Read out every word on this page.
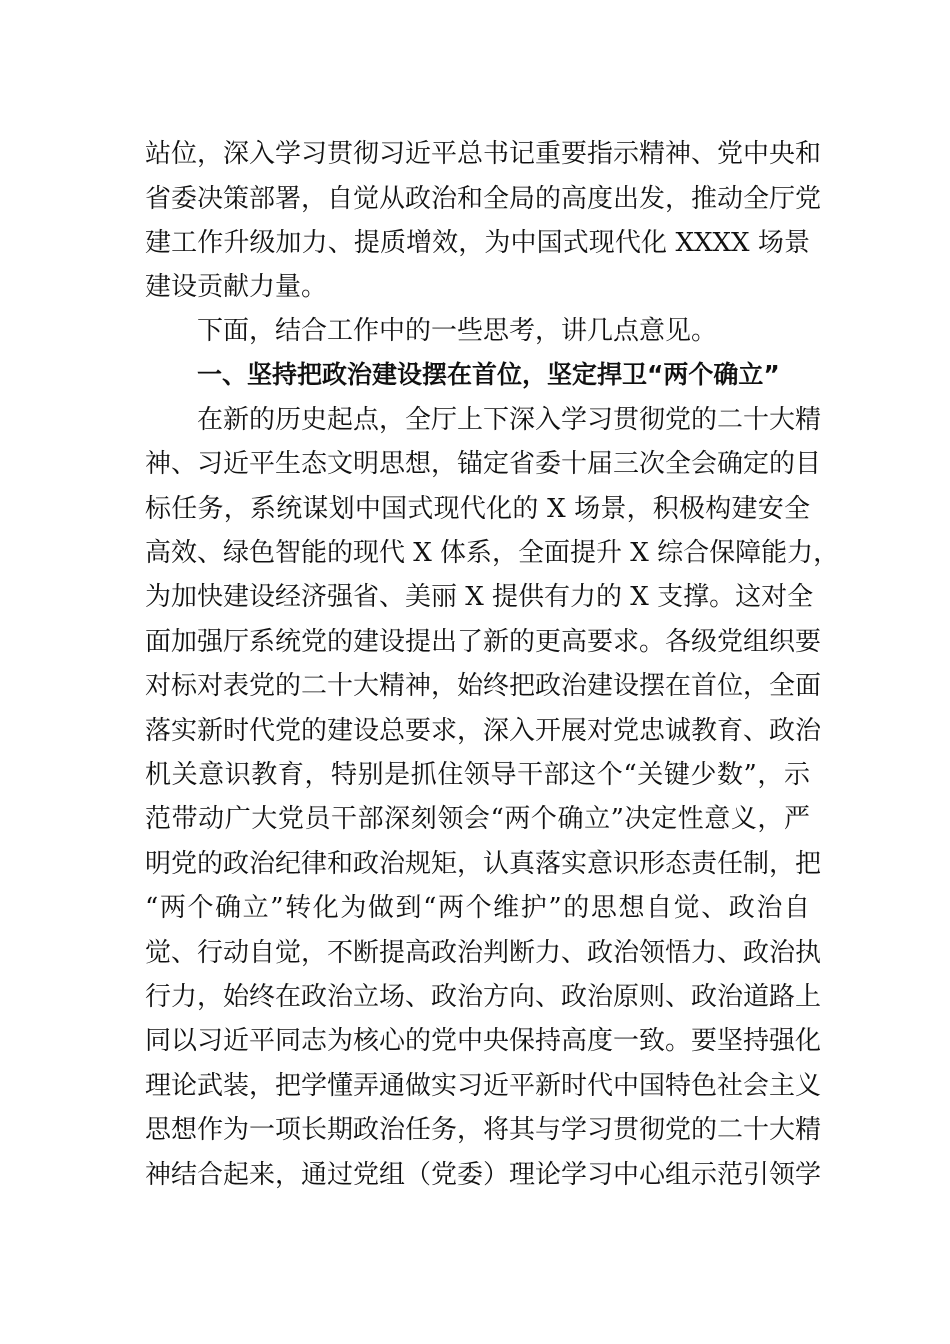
站位，深入学习贯彻习近平总书记重要指示精神、党中央和
省委决策部署，自觉从政治和全局的高度出发，推动全厅党
建工作升级加力、提质增效，为中国式现代化 XXXX 场景
建设贡献力量。
下面，结合工作中的一些思考，讲几点意见。
一、坚持把政治建设摆在首位，坚定捍卫“两个确立”
在新的历史起点，全厅上下深入学习贯彻党的二十大精
神、习近平生态文明思想，锚定省委十届三次全会确定的目
标任务，系统谋划中国式现代化的 X 场景，积极构建安全
高效、绿色智能的现代 X 体系，全面提升 X 综合保障能力，
为加快建设经济强省、美丽 X 提供有力的 X 支撑。这对全
面加强厅系统党的建设提出了新的更高要求。各级党组织要
对标对表党的二十大精神，始终把政治建设摆在首位，全面
落实新时代党的建设总要求，深入开展对党忠诚教育、政治
机关意识教育，特别是抓住领导干部这个“关键少数”，示
范带动广大党员干部深刻领会“两个确立”决定性意义，严
明党的政治纪律和政治规矩，认真落实意识形态责任制，把
“两个确立”转化为做到“两个维护”的思想自觉、政治自
觉、行动自觉，不断提高政治判断力、政治领悟力、政治执
行力，始终在政治立场、政治方向、政治原则、政治道路上
同以习近平同志为核心的党中央保持高度一致。要坚持强化
理论武装，把学懂弄通做实习近平新时代中国特色社会主义
思想作为一项长期政治任务，将其与学习贯彻党的二十大精
神结合起来，通过党组（党委）理论学习中心组示范引领学
